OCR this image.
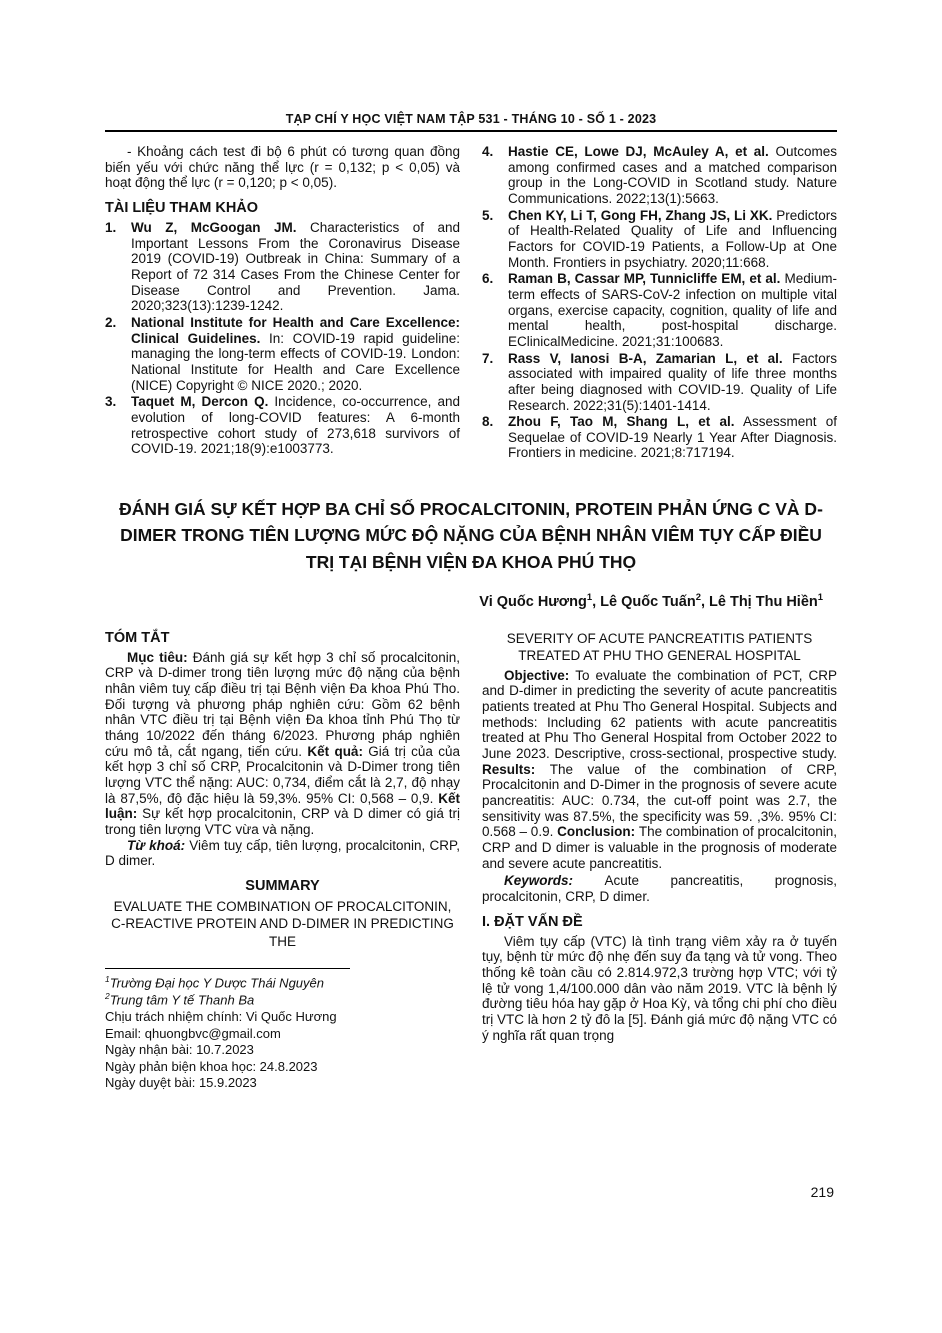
TẠP CHÍ Y HỌC VIỆT NAM TẬP 531 - THÁNG 10 - SỐ 1 - 2023

- Khoảng cách test đi bộ 6 phút có tương quan đồng biến yếu với chức năng thể lực (r = 0,132; p < 0,05) và hoạt động thể lực (r = 0,120; p < 0,05).

TÀI LIỆU THAM KHẢO

1. Wu Z, McGoogan JM. Characteristics of and Important Lessons From the Coronavirus Disease 2019 (COVID-19) Outbreak in China: Summary of a Report of 72 314 Cases From the Chinese Center for Disease Control and Prevention. Jama. 2020;323(13):1239-1242.

2. National Institute for Health and Care Excellence: Clinical Guidelines. In: COVID-19 rapid guideline: managing the long-term effects of COVID-19. London: National Institute for Health and Care Excellence (NICE) Copyright © NICE 2020.; 2020.

3. Taquet M, Dercon Q. Incidence, co-occurrence, and evolution of long-COVID features: A 6-month retrospective cohort study of 273,618 survivors of COVID-19. 2021;18(9):e1003773.

4. Hastie CE, Lowe DJ, McAuley A, et al. Outcomes among confirmed cases and a matched comparison group in the Long-COVID in Scotland study. Nature Communications. 2022;13(1):5663.

5. Chen KY, Li T, Gong FH, Zhang JS, Li XK. Predictors of Health-Related Quality of Life and Influencing Factors for COVID-19 Patients, a Follow-Up at One Month. Frontiers in psychiatry. 2020;11:668.

6. Raman B, Cassar MP, Tunnicliffe EM, et al. Medium-term effects of SARS-CoV-2 infection on multiple vital organs, exercise capacity, cognition, quality of life and mental health, post-hospital discharge. EClinicalMedicine. 2021;31:100683.

7. Rass V, Ianosi B-A, Zamarian L, et al. Factors associated with impaired quality of life three months after being diagnosed with COVID-19. Quality of Life Research. 2022;31(5):1401-1414.

8. Zhou F, Tao M, Shang L, et al. Assessment of Sequelae of COVID-19 Nearly 1 Year After Diagnosis. Frontiers in medicine. 2021;8:717194.

ĐÁNH GIÁ SỰ KẾT HỢP BA CHỈ SỐ PROCALCITONIN, PROTEIN PHẢN ỨNG C VÀ D-DIMER TRONG TIÊN LƯỢNG MỨC ĐỘ NẶNG CỦA BỆNH NHÂN VIÊM TỤY CẤP ĐIỀU TRỊ TẠI BỆNH VIỆN ĐA KHOA PHÚ THỌ
Vi Quốc Hương$^1$, Lê Quốc Tuấn$^2$, Lê Thị Thu Hiền$^1$
TÓM TẮT

Mục tiêu: Đánh giá sự kết hợp 3 chỉ số procalcitonin, CRP và D-dimer trong tiên lượng mức độ nặng của bệnh nhân viêm tuỵ cấp điều trị tại Bệnh viện Đa khoa Phú Tho. Đối tượng và phương pháp nghiên cứu: Gồm 62 bệnh nhân VTC điều trị tại Bệnh viện Đa khoa tỉnh Phú Thọ từ tháng 10/2022 đến tháng 6/2023. Phương pháp nghiên cứu mô tả, cắt ngang, tiến cứu. Kết quả: Giá trị của của kết hợp 3 chỉ số CRP, Procalcitonin và D-Dimer trong tiên lượng VTC thể nặng: AUC: 0,734, điểm cắt là 2,7, độ nhạy là 87,5%, độ đặc hiệu là 59,3%. 95% CI: 0,568 – 0,9. Kết luận: Sự kết hợp procalcitonin, CRP và D dimer có giá trị trong tiên lượng VTC vừa và nặng.

Từ khoá: Viêm tuỵ cấp, tiên lượng, procalcitonin, CRP, D dimer.

SUMMARY

EVALUATE THE COMBINATION OF PROCALCITONIN, C-REACTIVE PROTEIN AND D-DIMER IN PREDICTING THE

$^1$Trường Đại học Y Dược Thái Nguyên

$^2$Trung tâm Y tế Thanh Ba

Chịu trách nhiệm chính: Vi Quốc Hương

Email: qhuongbvc@gmail.com

Ngày nhận bài: 10.7.2023

Ngày phản biện khoa học: 24.8.2023

Ngày duyệt bài: 15.9.2023

SEVERITY OF ACUTE PANCREATITIS PATIENTS TREATED AT PHU THO GENERAL HOSPITAL

Objective: To evaluate the combination of PCT, CRP and D-dimer in predicting the severity of acute pancreatitis patients treated at Phu Tho General Hospital. Subjects and methods: Including 62 patients with acute pancreatitis treated at Phu Tho General Hospital from October 2022 to June 2023. Descriptive, cross-sectional, prospective study. Results: The value of the combination of CRP, Procalcitonin and D-Dimer in the prognosis of severe acute pancreatitis: AUC: 0.734, the cut-off point was 2.7, the sensitivity was 87.5%, the specificity was 59. ,3%. 95% CI: 0.568 – 0.9. Conclusion: The combination of procalcitonin, CRP and D dimer is valuable in the prognosis of moderate and severe acute pancreatitis.

Keywords: Acute pancreatitis, prognosis, procalcitonin, CRP, D dimer.

I. ĐẶT VẤN ĐỀ

Viêm tụy cấp (VTC) là tình trạng viêm xảy ra ở tuyến tụy, bệnh từ mức độ nhẹ đến suy đa tạng và tử vong. Theo thống kê toàn cầu có 2.814.972,3 trường hợp VTC; với tỷ lệ tử vong 1,4/100.000 dân vào năm 2019. VTC là bệnh lý đường tiêu hóa hay gặp ở Hoa Kỳ, và tổng chi phí cho điều trị VTC là hơn 2 tỷ đô la [5]. Đánh giá mức độ nặng VTC có ý nghĩa rất quan trọng

219
